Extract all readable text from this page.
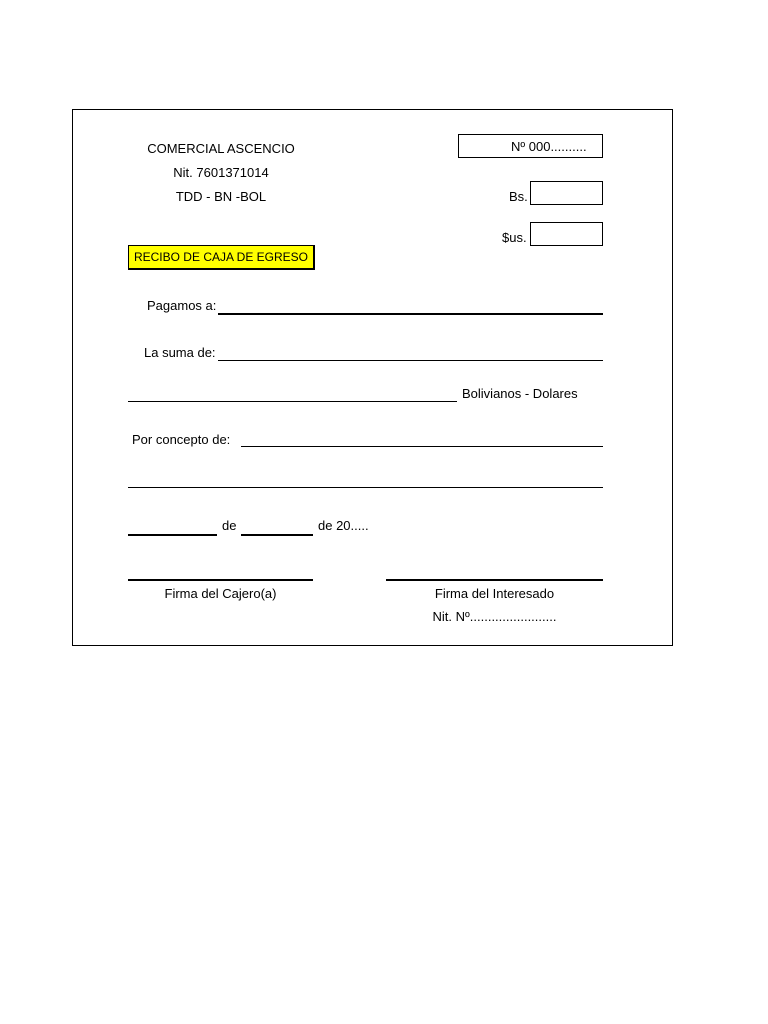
COMERCIAL ASCENCIO
Nit. 7601371014
TDD - BN -BOL
Nº 000..........
Bs.
$us.
RECIBO DE CAJA DE EGRESO
Pagamos a:
La suma de:
Bolivianos - Dolares
Por concepto de:
de	de 20.....
Firma del Cajero(a)	Firma del Interesado
Nit. Nº........................
